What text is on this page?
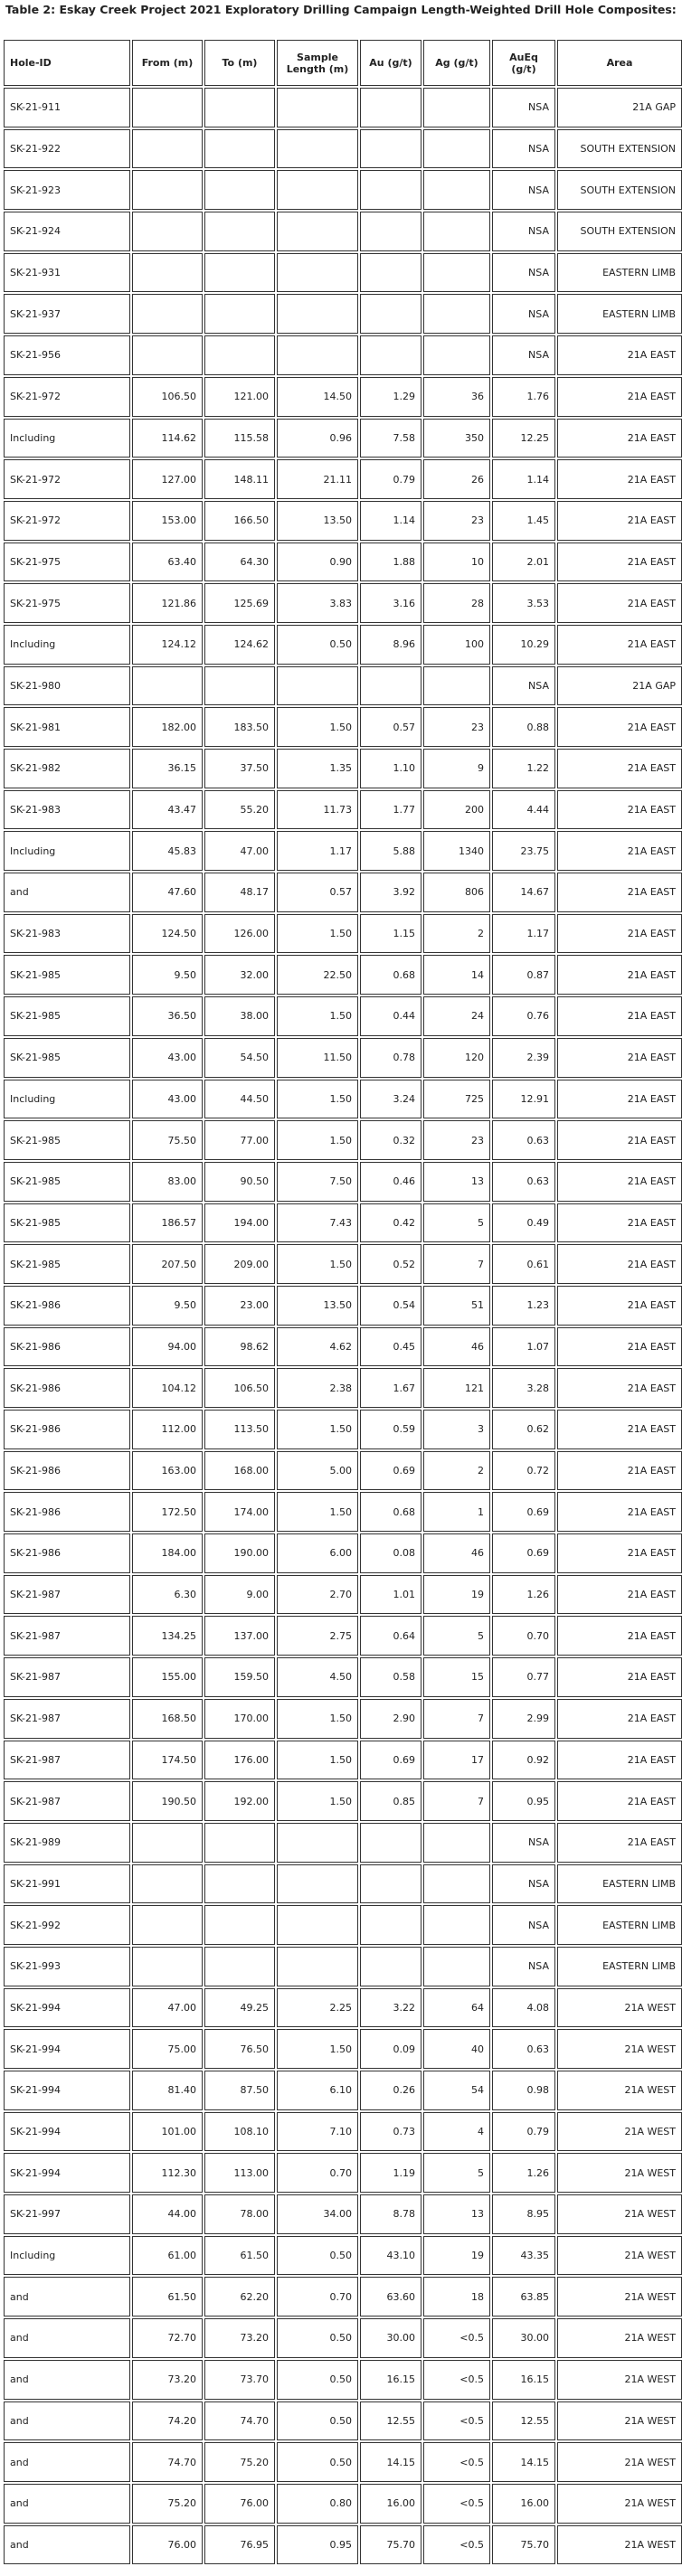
Table 2: Eskay Creek Project 2021 Exploratory Drilling Campaign Length-Weighted Drill Hole Composites:
Hole-ID	From (m)	To (m)	Sample Length (m)	Au (g/t)	Ag (g/t)	AuEq (g/t)	Area
SK-21-911						NSA	21A GAP
SK-21-922						NSA	SOUTH EXTENSION
SK-21-923						NSA	SOUTH EXTENSION
SK-21-924						NSA	SOUTH EXTENSION
SK-21-931						NSA	EASTERN LIMB
SK-21-937						NSA	EASTERN LIMB
SK-21-956						NSA	21A EAST
SK-21-972	106.50	121.00	14.50	1.29	36	1.76	21A EAST
Including	114.62	115.58	0.96	7.58	350	12.25	21A EAST
SK-21-972	127.00	148.11	21.11	0.79	26	1.14	21A EAST
SK-21-972	153.00	166.50	13.50	1.14	23	1.45	21A EAST
SK-21-975	63.40	64.30	0.90	1.88	10	2.01	21A EAST
SK-21-975	121.86	125.69	3.83	3.16	28	3.53	21A EAST
Including	124.12	124.62	0.50	8.96	100	10.29	21A EAST
SK-21-980						NSA	21A GAP
SK-21-981	182.00	183.50	1.50	0.57	23	0.88	21A EAST
SK-21-982	36.15	37.50	1.35	1.10	9	1.22	21A EAST
SK-21-983	43.47	55.20	11.73	1.77	200	4.44	21A EAST
Including	45.83	47.00	1.17	5.88	1340	23.75	21A EAST
and	47.60	48.17	0.57	3.92	806	14.67	21A EAST
SK-21-983	124.50	126.00	1.50	1.15	2	1.17	21A EAST
SK-21-985	9.50	32.00	22.50	0.68	14	0.87	21A EAST
SK-21-985	36.50	38.00	1.50	0.44	24	0.76	21A EAST
SK-21-985	43.00	54.50	11.50	0.78	120	2.39	21A EAST
Including	43.00	44.50	1.50	3.24	725	12.91	21A EAST
SK-21-985	75.50	77.00	1.50	0.32	23	0.63	21A EAST
SK-21-985	83.00	90.50	7.50	0.46	13	0.63	21A EAST
SK-21-985	186.57	194.00	7.43	0.42	5	0.49	21A EAST
SK-21-985	207.50	209.00	1.50	0.52	7	0.61	21A EAST
SK-21-986	9.50	23.00	13.50	0.54	51	1.23	21A EAST
SK-21-986	94.00	98.62	4.62	0.45	46	1.07	21A EAST
SK-21-986	104.12	106.50	2.38	1.67	121	3.28	21A EAST
SK-21-986	112.00	113.50	1.50	0.59	3	0.62	21A EAST
SK-21-986	163.00	168.00	5.00	0.69	2	0.72	21A EAST
SK-21-986	172.50	174.00	1.50	0.68	1	0.69	21A EAST
SK-21-986	184.00	190.00	6.00	0.08	46	0.69	21A EAST
SK-21-987	6.30	9.00	2.70	1.01	19	1.26	21A EAST
SK-21-987	134.25	137.00	2.75	0.64	5	0.70	21A EAST
SK-21-987	155.00	159.50	4.50	0.58	15	0.77	21A EAST
SK-21-987	168.50	170.00	1.50	2.90	7	2.99	21A EAST
SK-21-987	174.50	176.00	1.50	0.69	17	0.92	21A EAST
SK-21-987	190.50	192.00	1.50	0.85	7	0.95	21A EAST
SK-21-989						NSA	21A EAST
SK-21-991						NSA	EASTERN LIMB
SK-21-992						NSA	EASTERN LIMB
SK-21-993						NSA	EASTERN LIMB
SK-21-994	47.00	49.25	2.25	3.22	64	4.08	21A WEST
SK-21-994	75.00	76.50	1.50	0.09	40	0.63	21A WEST
SK-21-994	81.40	87.50	6.10	0.26	54	0.98	21A WEST
SK-21-994	101.00	108.10	7.10	0.73	4	0.79	21A WEST
SK-21-994	112.30	113.00	0.70	1.19	5	1.26	21A WEST
SK-21-997	44.00	78.00	34.00	8.78	13	8.95	21A WEST
Including	61.00	61.50	0.50	43.10	19	43.35	21A WEST
and	61.50	62.20	0.70	63.60	18	63.85	21A WEST
and	72.70	73.20	0.50	30.00	<0.5	30.00	21A WEST
and	73.20	73.70	0.50	16.15	<0.5	16.15	21A WEST
and	74.20	74.70	0.50	12.55	<0.5	12.55	21A WEST
and	74.70	75.20	0.50	14.15	<0.5	14.15	21A WEST
and	75.20	76.00	0.80	16.00	<0.5	16.00	21A WEST
and	76.00	76.95	0.95	75.70	<0.5	75.70	21A WEST
